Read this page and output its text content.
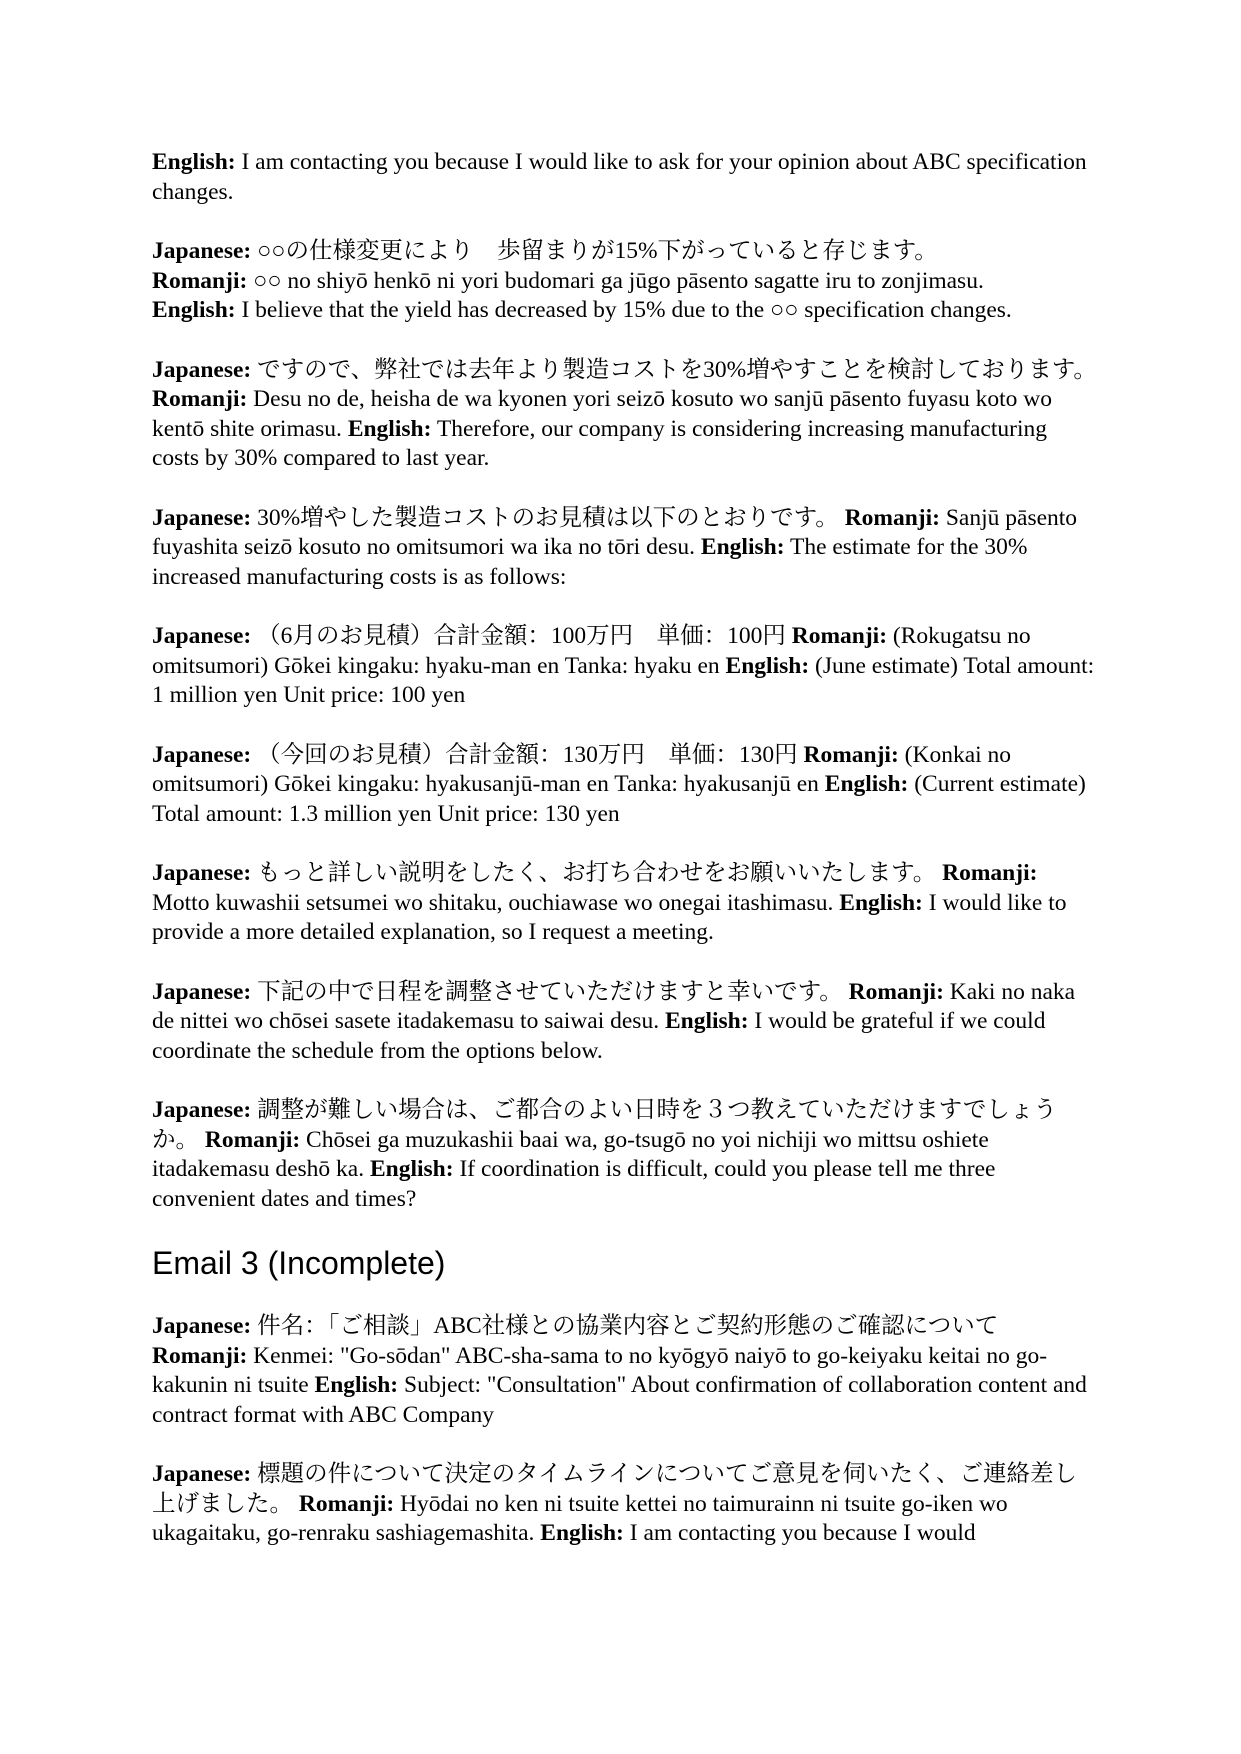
English: I am contacting you because I would like to ask for your opinion about ABC specification changes.

Japanese: ○○の仕様変更により　歩留まりが15%下がっていると存じます。
Romanji: ○○ no shiyō henkō ni yori budomari ga jūgo pāsento sagatte iru to zonjimasu.
English: I believe that the yield has decreased by 15% due to the ○○ specification changes.

Japanese: ですので、弊社では去年より製造コストを30%増やすことを検討しております。 Romanji: Desu no de, heisha de wa kyonen yori seizō kosuto wo sanjū pāsento fuyasu koto wo kentō shite orimasu. English: Therefore, our company is considering increasing manufacturing costs by 30% compared to last year.

Japanese: 30%増やした製造コストのお見積は以下のとおりです。 Romanji: Sanjū pāsento fuyashita seizō kosuto no omitsumori wa ika no tōri desu. English: The estimate for the 30% increased manufacturing costs is as follows:

Japanese: （6月のお見積）合計金額：100万円　単価：100円 Romanji: (Rokugatsu no omitsumori) Gōkei kingaku: hyaku-man en Tanka: hyaku en English: (June estimate) Total amount: 1 million yen Unit price: 100 yen

Japanese: （今回のお見積）合計金額：130万円　単価：130円 Romanji: (Konkai no omitsumori) Gōkei kingaku: hyakusanjū-man en Tanka: hyakusanjū en English: (Current estimate) Total amount: 1.3 million yen Unit price: 130 yen

Japanese: もっと詳しい説明をしたく、お打ち合わせをお願いいたします。 Romanji: Motto kuwashii setsumei wo shitaku, ouchiawase wo onegai itashimasu. English: I would like to provide a more detailed explanation, so I request a meeting.

Japanese: 下記の中で日程を調整させていただけますと幸いです。 Romanji: Kaki no naka de nittei wo chōsei sasete itadakemasu to saiwai desu. English: I would be grateful if we could coordinate the schedule from the options below.

Japanese: 調整が難しい場合は、ご都合のよい日時を３つ教えていただけますでしょうか。 Romanji: Chōsei ga muzukashii baai wa, go-tsugō no yoi nichiji wo mittsu oshiete itadakemasu deshō ka. English: If coordination is difficult, could you please tell me three convenient dates and times?

Email 3 (Incomplete)

Japanese: 件名：「ご相談」ABC社様との協業内容とご契約形態のご確認について Romanji: Kenmei: "Go-sōdan" ABC-sha-sama to no kyōgyō naiyō to go-keiyaku keitai no go-kakunin ni tsuite English: Subject: "Consultation" About confirmation of collaboration content and contract format with ABC Company

Japanese: 標題の件について決定のタイムラインについてご意見を伺いたく、ご連絡差し上げました。 Romanji: Hyōdai no ken ni tsuite kettei no taimurainn ni tsuite go-iken wo ukagaitaku, go-renraku sashiagemashita. English: I am contacting you because I would
